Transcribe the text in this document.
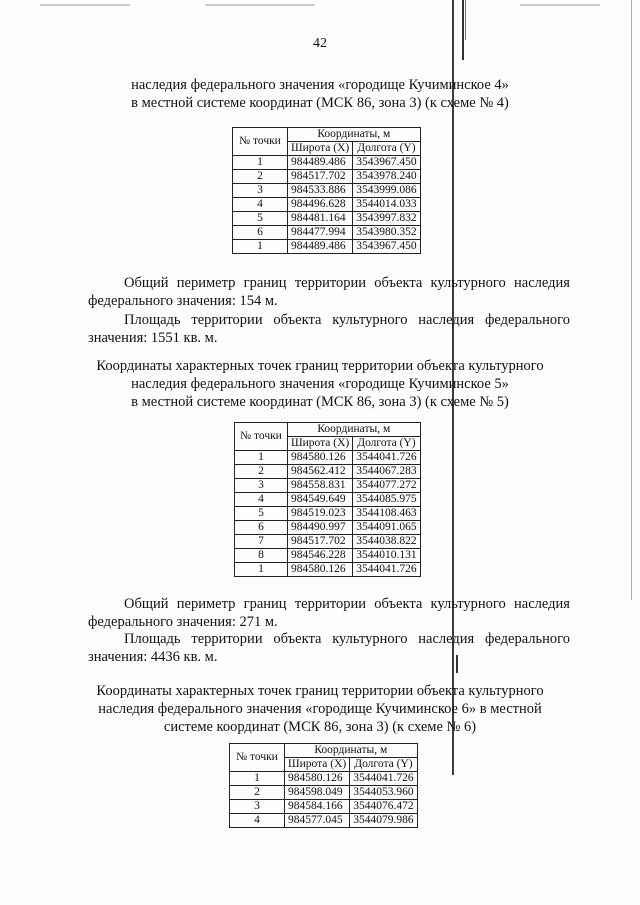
42
наследия федерального значения «городище Кучиминское 4»
в местной системе координат (МСК 86, зона 3) (к схеме № 4)
№ точки	Координаты, м	
	Широта (X)	Долгота (Y)
1	984489.486	3543967.450
2	984517.702	3543978.240
3	984533.886	3543999.086
4	984496.628	3544014.033
5	984481.164	3543997.832
6	984477.994	3543980.352
1	984489.486	3543967.450
Общий периметр границ территории объекта культурного наследия
федерального значения: 154 м.
Площадь территории объекта культурного наследия федерального
значения: 1551 кв. м.
Координаты характерных точек границ территории объекта культурного
наследия федерального значения «городище Кучиминское 5»
в местной системе координат (МСК 86, зона 3) (к схеме № 5)
№ точки	Координаты, м	
	Широта (X)	Долгота (Y)
1	984580.126	3544041.726
2	984562.412	3544067.283
3	984558.831	3544077.272
4	984549.649	3544085.975
5	984519.023	3544108.463
6	984490.997	3544091.065
7	984517.702	3544038.822
8	984546.228	3544010.131
1	984580.126	3544041.726
Общий периметр границ территории объекта культурного наследия
федерального значения: 271 м.
Площадь территории объекта культурного наследия федерального
значения: 4436 кв. м.
Координаты характерных точек границ территории объекта культурного
наследия федерального значения «городище Кучиминское 6» в местной
системе координат (МСК 86, зона 3) (к схеме № 6)
№ точки	Координаты, м	
	Широта (X)	Долгота (Y)
1	984580.126	3544041.726
2	984598.049	3544053.960
3	984584.166	3544076.472
4	984577.045	3544079.986
